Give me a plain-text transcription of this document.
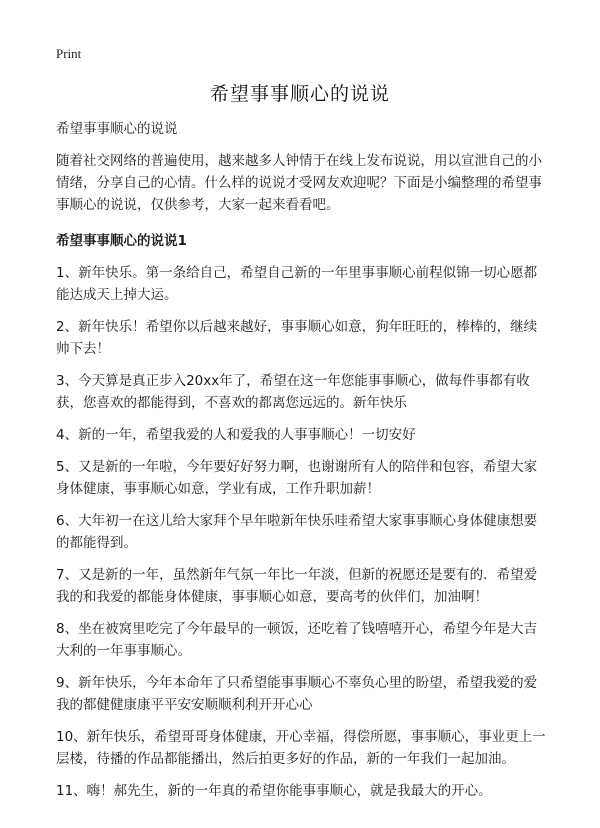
Print
希望事事顺心的说说

希望事事顺心的说说

随着社交网络的普遍使用，越来越多人钟情于在线上发布说说，用以宣泄自己的小情绪，分享自己的心情。什么样的说说才受网友欢迎呢？下面是小编整理的希望事事顺心的说说，仅供参考，大家一起来看看吧。

希望事事顺心的说说1

1、新年快乐。第一条给自己，希望自己新的一年里事事顺心前程似锦一切心愿都能达成天上掉大运。

2、新年快乐！希望你以后越来越好，事事顺心如意，狗年旺旺的，棒棒的，继续帅下去！

3、今天算是真正步入20xx年了，希望在这一年您能事事顺心，做每件事都有收获，您喜欢的都能得到，不喜欢的都离您远远的。新年快乐

4、新的一年，希望我爱的人和爱我的人事事顺心！一切安好

5、又是新的一年啦，今年要好好努力啊，也谢谢所有人的陪伴和包容，希望大家身体健康，事事顺心如意，学业有成，工作升职加薪！

6、大年初一在这儿给大家拜个早年啦新年快乐哇希望大家事事顺心身体健康想要的都能得到。

7、又是新的一年，虽然新年气氛一年比一年淡，但新的祝愿还是要有的．希望爱我的和我爱的都能身体健康，事事顺心如意，要高考的伙伴们，加油啊！

8、坐在被窝里吃完了今年最早的一顿饭，还吃着了钱嘻嘻开心，希望今年是大吉大利的一年事事顺心。

9、新年快乐，今年本命年了只希望能事事顺心不辜负心里的盼望，希望我爱的爱我的都健健康康平平安安顺顺利利开开心心

10、新年快乐，希望哥哥身体健康，开心幸福，得偿所愿，事事顺心，事业更上一层楼，待播的作品都能播出，然后拍更多好的作品，新的一年我们一起加油。

11、嗨！郝先生，新的一年真的希望你能事事顺心，就是我最大的开心。
